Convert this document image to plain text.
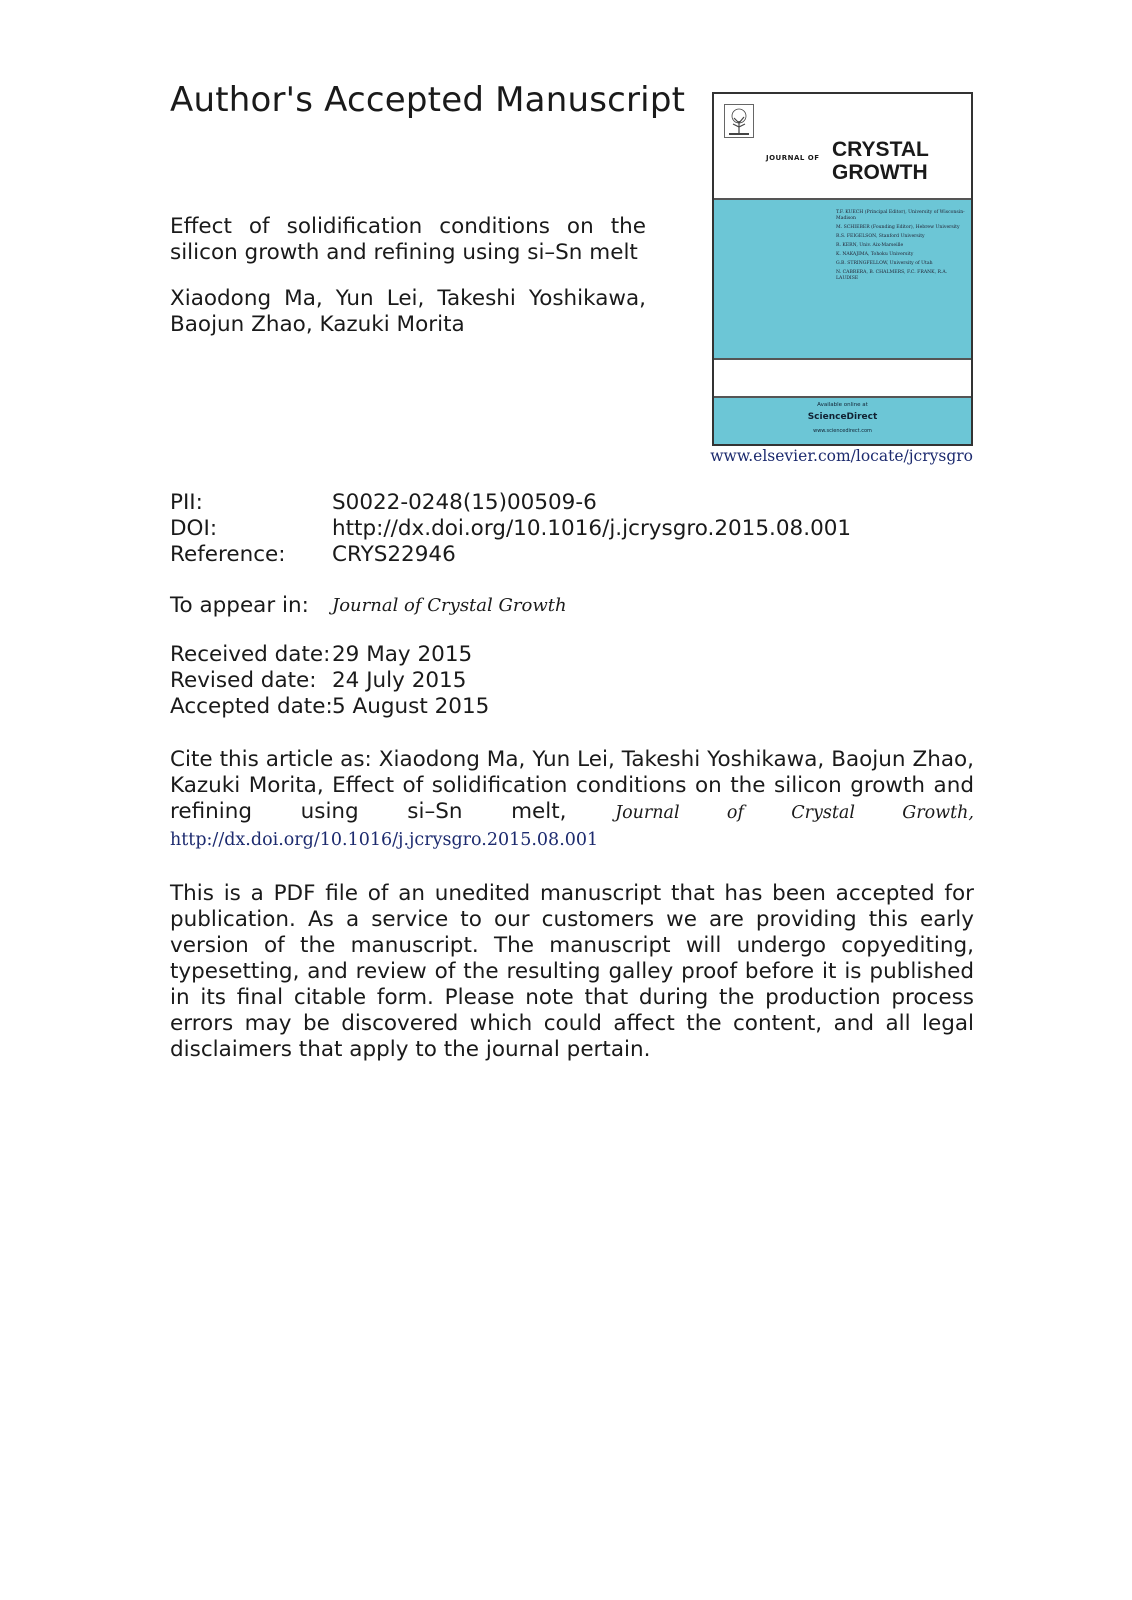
Author's Accepted Manuscript

Effect of solidification conditions on the silicon growth and refining using si–Sn melt

Xiaodong Ma, Yun Lei, Takeshi Yoshikawa, Baojun Zhao, Kazuki Morita

JOURNAL OF CRYSTAL
GROWTH
T.F. KUECH (Principal Editor), University of Wisconsin-Madison
M. SCHIEBER (Founding Editor), Hebrew University
R.S. FEIGELSON, Stanford University
R. KERN, Univ. Aix-Marseille
K. NAKAJIMA, Tohoku University
G.B. STRINGFELLOW, University of Utah
N. CABRERA, B. CHALMERS, F.C. FRANK, R.A. LAUDISE
Available online at
ScienceDirect
www.sciencedirect.com
www.elsevier.com/locate/jcrysgro
PII:	S0022-0248(15)00509-6
DOI:	http://dx.doi.org/10.1016/j.jcrysgro.2015.08.001
Reference: CRYS22946
To appear in: Journal of Crystal Growth
Received date: 29 May 2015
Revised date: 24 July 2015
Accepted date: 5 August 2015

Cite this article as: Xiaodong Ma, Yun Lei, Takeshi Yoshikawa, Baojun Zhao, Kazuki Morita, Effect of solidification conditions on the silicon growth and refining using si–Sn melt, Journal of Crystal Growth, http://dx.doi.org/10.1016/j.jcrysgro.2015.08.001

This is a PDF file of an unedited manuscript that has been accepted for publication. As a service to our customers we are providing this early version of the manuscript. The manuscript will undergo copyediting, typesetting, and review of the resulting galley proof before it is published in its final citable form. Please note that during the production process errors may be discovered which could affect the content, and all legal disclaimers that apply to the journal pertain.
